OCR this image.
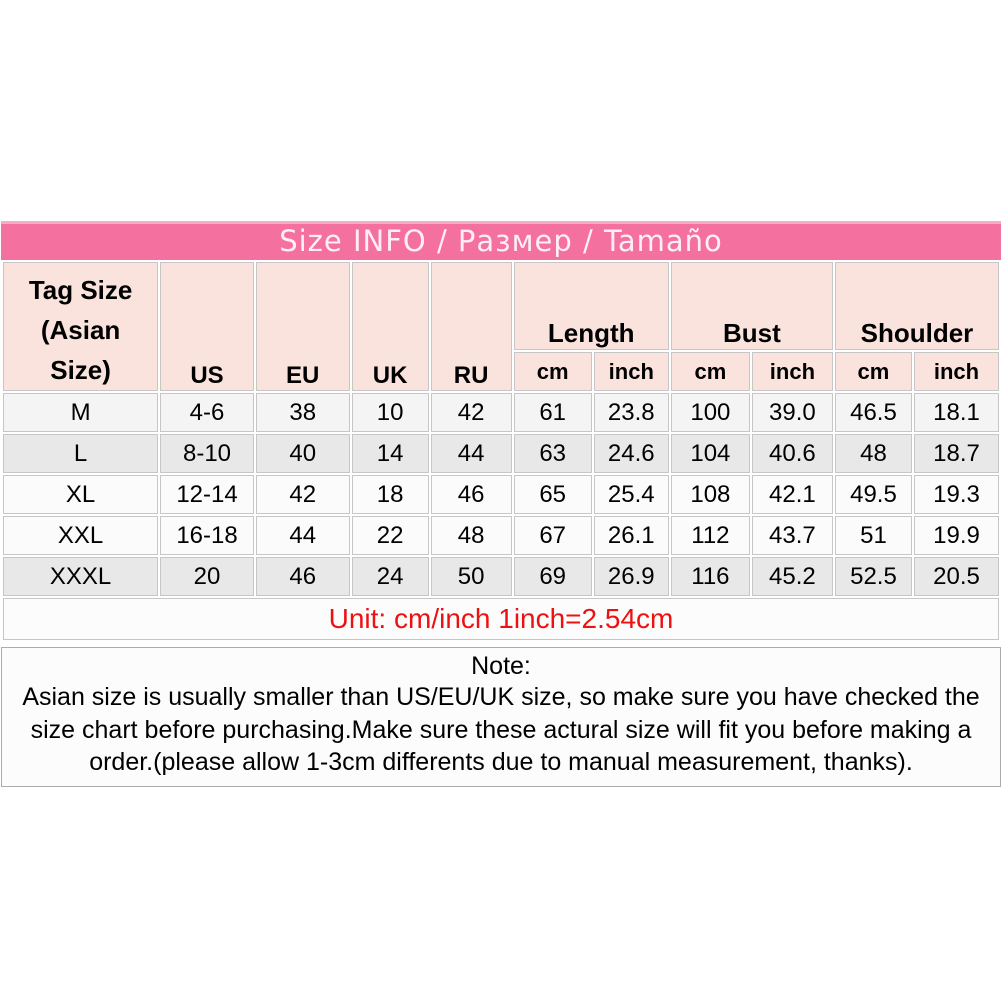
Size INFO / Размер / Tamaño
Tag Size
(Asian
Size)	US	EU	UK	RU	Length		Bust		Shoulder	
					cm	inch	cm	inch	cm	inch
M	4-6	38	10	42	61	23.8	100	39.0	46.5	18.1
L	8-10	40	14	44	63	24.6	104	40.6	48	18.7
XL	12-14	42	18	46	65	25.4	108	42.1	49.5	19.3
XXL	16-18	44	22	48	67	26.1	112	43.7	51	19.9
XXXL	20	46	24	50	69	26.9	116	45.2	52.5	20.5
Unit: cm/inch 1inch=2.54cm										
Note:
Asian size is usually smaller than US/EU/UK size, so make sure you have checked the
size chart before purchasing.Make sure these actural size will fit you before making a
order.(please allow 1-3cm differents due to manual measurement, thanks).
